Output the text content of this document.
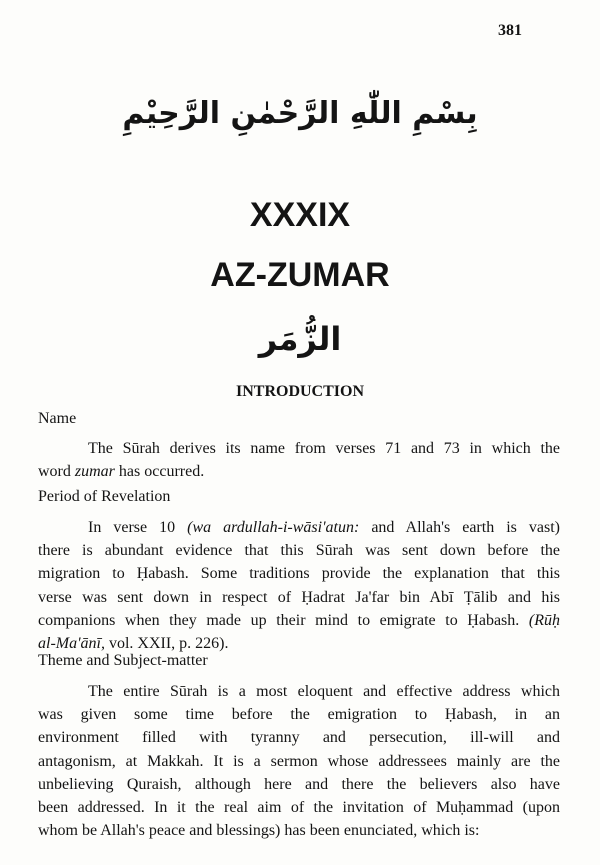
381
بِسْمِ اللّٰهِ الرَّحْمٰنِ الرَّحِيْمِ
XXXIX
AZ-ZUMAR
الزُّمَر
INTRODUCTION
Name
The Sūrah derives its name from verses 71 and 73 in which the
word zumar has occurred.
Period of Revelation
In verse 10 (wa ardullah-i-wāsi'atun: and Allah's earth is vast)
there is abundant evidence that this Sūrah was sent down before the
migration to Ḥabash. Some traditions provide the explanation that this
verse was sent down in respect of Ḥadrat Ja'far bin Abī Ṭālib and his
companions when they made up their mind to emigrate to Ḥabash. (Rūḥ
al-Ma'ānī, vol. XXII, p. 226).
Theme and Subject-matter
The entire Sūrah is a most eloquent and effective address which
was given some time before the emigration to Ḥabash, in an
environment filled with tyranny and persecution, ill-will and
antagonism, at Makkah. It is a sermon whose addressees mainly are the
unbelieving Quraish, although here and there the believers also have
been addressed. In it the real aim of the invitation of Muḥammad (upon
whom be Allah's peace and blessings) has been enunciated, which is:
